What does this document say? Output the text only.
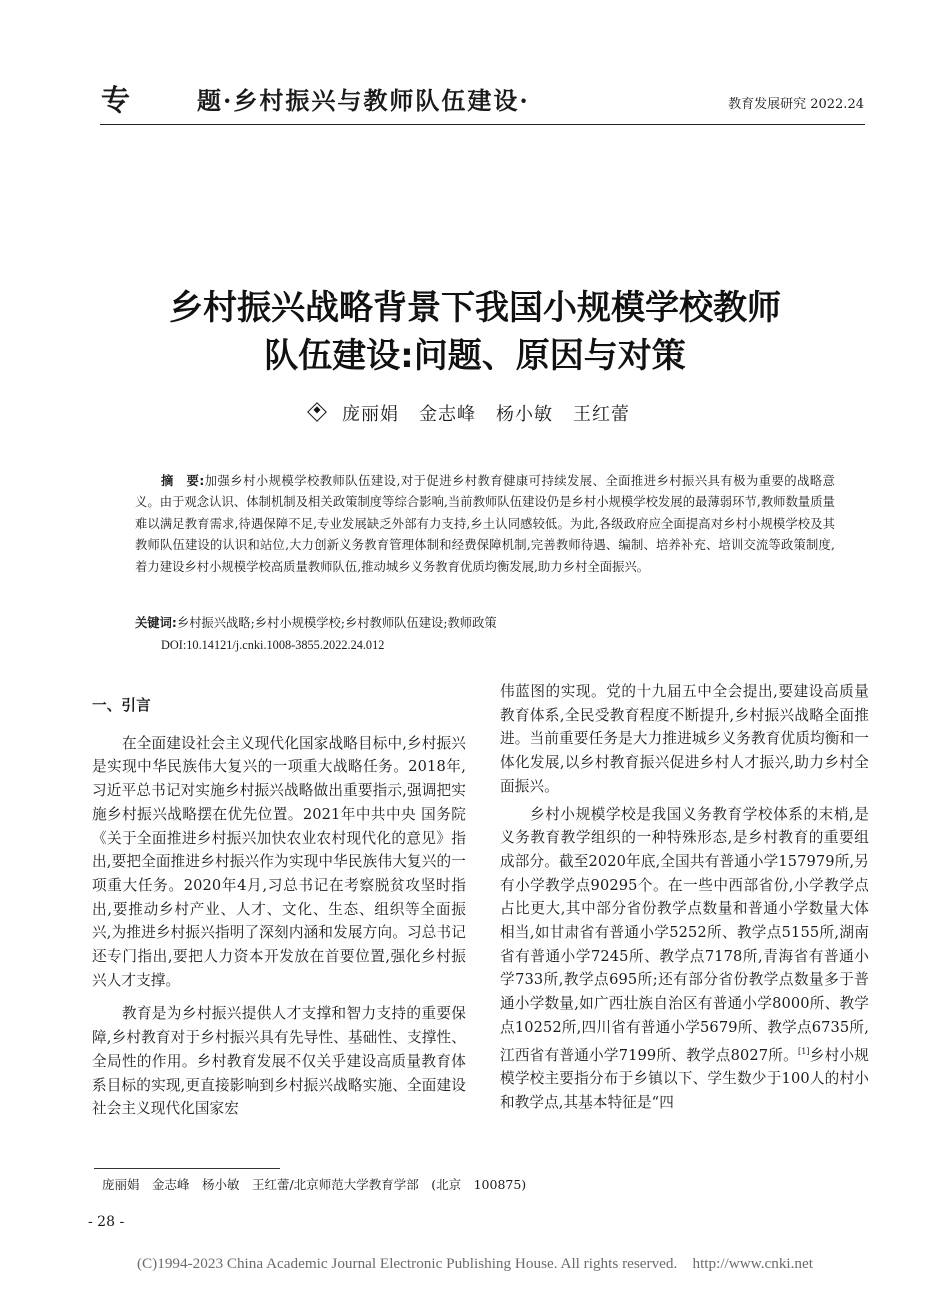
专	题·乡村振兴与教师队伍建设·	教育发展研究 2022.24
乡村振兴战略背景下我国小规模学校教师
队伍建设:问题、原因与对策
庞丽娟 金志峰 杨小敏 王红蕾

摘　要:加强乡村小规模学校教师队伍建设,对于促进乡村教育健康可持续发展、全面推进乡村振兴具有极为重要的战略意义。由于观念认识、体制机制及相关政策制度等综合影响,当前教师队伍建设仍是乡村小规模学校发展的最薄弱环节,教师数量质量难以满足教育需求,待遇保障不足,专业发展缺乏外部有力支持,乡土认同感较低。为此,各级政府应全面提高对乡村小规模学校及其教师队伍建设的认识和站位,大力创新义务教育管理体制和经费保障机制,完善教师待遇、编制、培养补充、培训交流等政策制度,着力建设乡村小规模学校高质量教师队伍,推动城乡义务教育优质均衡发展,助力乡村全面振兴。

关键词:乡村振兴战略;乡村小规模学校;乡村教师队伍建设;教师政策
DOI:10.14121/j.cnki.1008-3855.2022.24.012

一、引言

在全面建设社会主义现代化国家战略目标中,乡村振兴是实现中华民族伟大复兴的一项重大战略任务。2018年,习近平总书记对实施乡村振兴战略做出重要指示,强调把实施乡村振兴战略摆在优先位置。2021年中共中央 国务院《关于全面推进乡村振兴加快农业农村现代化的意见》指出,要把全面推进乡村振兴作为实现中华民族伟大复兴的一项重大任务。2020年4月,习总书记在考察脱贫攻坚时指出,要推动乡村产业、人才、文化、生态、组织等全面振兴,为推进乡村振兴指明了深刻内涵和发展方向。习总书记还专门指出,要把人力资本开发放在首要位置,强化乡村振兴人才支撑。

教育是为乡村振兴提供人才支撑和智力支持的重要保障,乡村教育对于乡村振兴具有先导性、基础性、支撑性、全局性的作用。乡村教育发展不仅关乎建设高质量教育体系目标的实现,更直接影响到乡村振兴战略实施、全面建设社会主义现代化国家宏

伟蓝图的实现。党的十九届五中全会提出,要建设高质量教育体系,全民受教育程度不断提升,乡村振兴战略全面推进。当前重要任务是大力推进城乡义务教育优质均衡和一体化发展,以乡村教育振兴促进乡村人才振兴,助力乡村全面振兴。

乡村小规模学校是我国义务教育学校体系的末梢,是义务教育教学组织的一种特殊形态,是乡村教育的重要组成部分。截至2020年底,全国共有普通小学157979所,另有小学教学点90295个。在一些中西部省份,小学教学点占比更大,其中部分省份教学点数量和普通小学数量大体相当,如甘肃省有普通小学5252所、教学点5155所,湖南省有普通小学7245所、教学点7178所,青海省有普通小学733所,教学点695所;还有部分省份教学点数量多于普通小学数量,如广西壮族自治区有普通小学8000所、教学点10252所,四川省有普通小学5679所、教学点6735所,江西省有普通小学7199所、教学点8027所。[1]乡村小规模学校主要指分布于乡镇以下、学生数少于100人的村小和教学点,其基本特征是“四

庞丽娟　金志峰　杨小敏　王红蕾/北京师范大学教育学部　(北京　100875)
- 28 -
(C)1994-2023 China Academic Journal Electronic Publishing House. All rights reserved.　http://www.cnki.net
